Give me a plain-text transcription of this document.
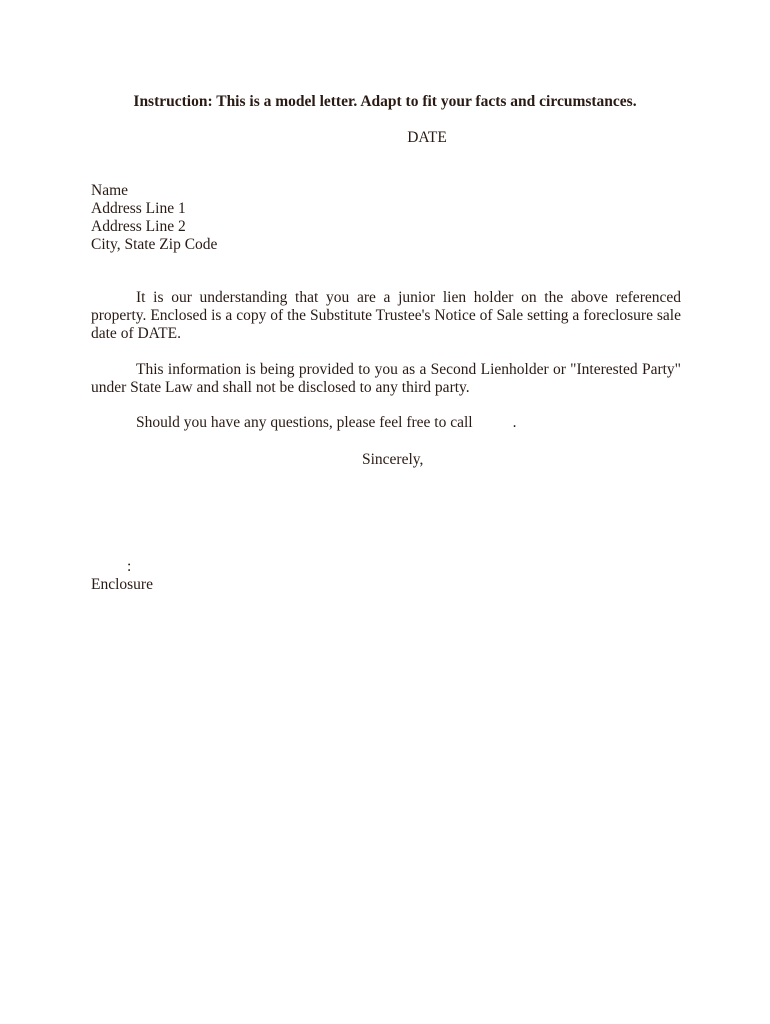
Instruction: This is a model letter. Adapt to fit your facts and circumstances.
DATE
Name
Address Line 1
Address Line 2
City, State Zip Code
It is our understanding that you are a junior lien holder on the above referenced property. Enclosed is a copy of the Substitute Trustee's Notice of Sale setting a foreclosure sale date of DATE.
This information is being provided to you as a Second Lienholder or "Interested Party" under State Law and shall not be disclosed to any third party.
Should you have any questions, please feel free to call	.
Sincerely,
:
Enclosure
